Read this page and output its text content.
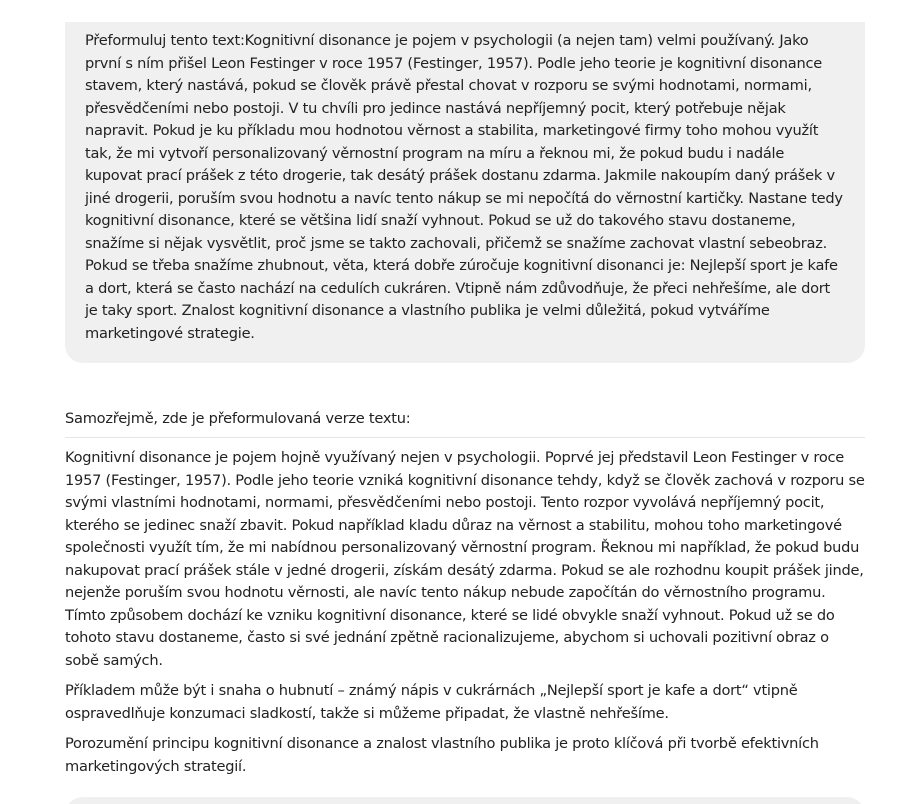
Přeformuluj tento text:Kognitivní disonance je pojem v psychologii (a nejen tam) velmi používaný. Jako první s ním přišel Leon Festinger v roce 1957 (Festinger, 1957). Podle jeho teorie je kognitivní disonance stavem, který nastává, pokud se člověk právě přestal chovat v rozporu se svými hodnotami, normami, přesvědčeními nebo postoji. V tu chvíli pro jedince nastává nepříjemný pocit, který potřebuje nějak napravit. Pokud je ku příkladu mou hodnotou věrnost a stabilita, marketingové firmy toho mohou využít tak, že mi vytvoří personalizovaný věrnostní program na míru a řeknou mi, že pokud budu i nadále kupovat prací prášek z této drogerie, tak desátý prášek dostanu zdarma. Jakmile nakoupím daný prášek v jiné drogerii, poruším svou hodnotu a navíc tento nákup se mi nepočítá do věrnostní kartičky. Nastane tedy kognitivní disonance, které se většina lidí snaží vyhnout. Pokud se už do takového stavu dostaneme, snažíme si nějak vysvětlit, proč jsme se takto zachovali, přičemž se snažíme zachovat vlastní sebeobraz. Pokud se třeba snažíme zhubnout, věta, která dobře zúročuje kognitivní disonanci je: Nejlepší sport je kafe a dort, která se často nachází na cedulích cukráren. Vtipně nám zdůvodňuje, že přeci nehřešíme, ale dort je taky sport. Znalost kognitivní disonance a vlastního publika je velmi důležitá, pokud vytváříme marketingové strategie.

Samozřejmě, zde je přeformulovaná verze textu:

Kognitivní disonance je pojem hojně využívaný nejen v psychologii. Poprvé jej představil Leon Festinger v roce 1957 (Festinger, 1957). Podle jeho teorie vzniká kognitivní disonance tehdy, když se člověk zachová v rozporu se svými vlastními hodnotami, normami, přesvědčeními nebo postoji. Tento rozpor vyvolává nepříjemný pocit, kterého se jedinec snaží zbavit. Pokud například kladu důraz na věrnost a stabilitu, mohou toho marketingové společnosti využít tím, že mi nabídnou personalizovaný věrnostní program. Řeknou mi například, že pokud budu nakupovat prací prášek stále v jedné drogerii, získám desátý zdarma. Pokud se ale rozhodnu koupit prášek jinde, nejenže poruším svou hodnotu věrnosti, ale navíc tento nákup nebude započítán do věrnostního programu. Tímto způsobem dochází ke vzniku kognitivní disonance, které se lidé obvykle snaží vyhnout. Pokud už se do tohoto stavu dostaneme, často si své jednání zpětně racionalizujeme, abychom si uchovali pozitivní obraz o sobě samých.

Příkladem může být i snaha o hubnutí – známý nápis v cukrárnách „Nejlepší sport je kafe a dort“ vtipně ospravedlňuje konzumaci sladkostí, takže si můžeme připadat, že vlastně nehřešíme.

Porozumění principu kognitivní disonance a znalost vlastního publika je proto klíčová při tvorbě efektivních marketingových strategií.
